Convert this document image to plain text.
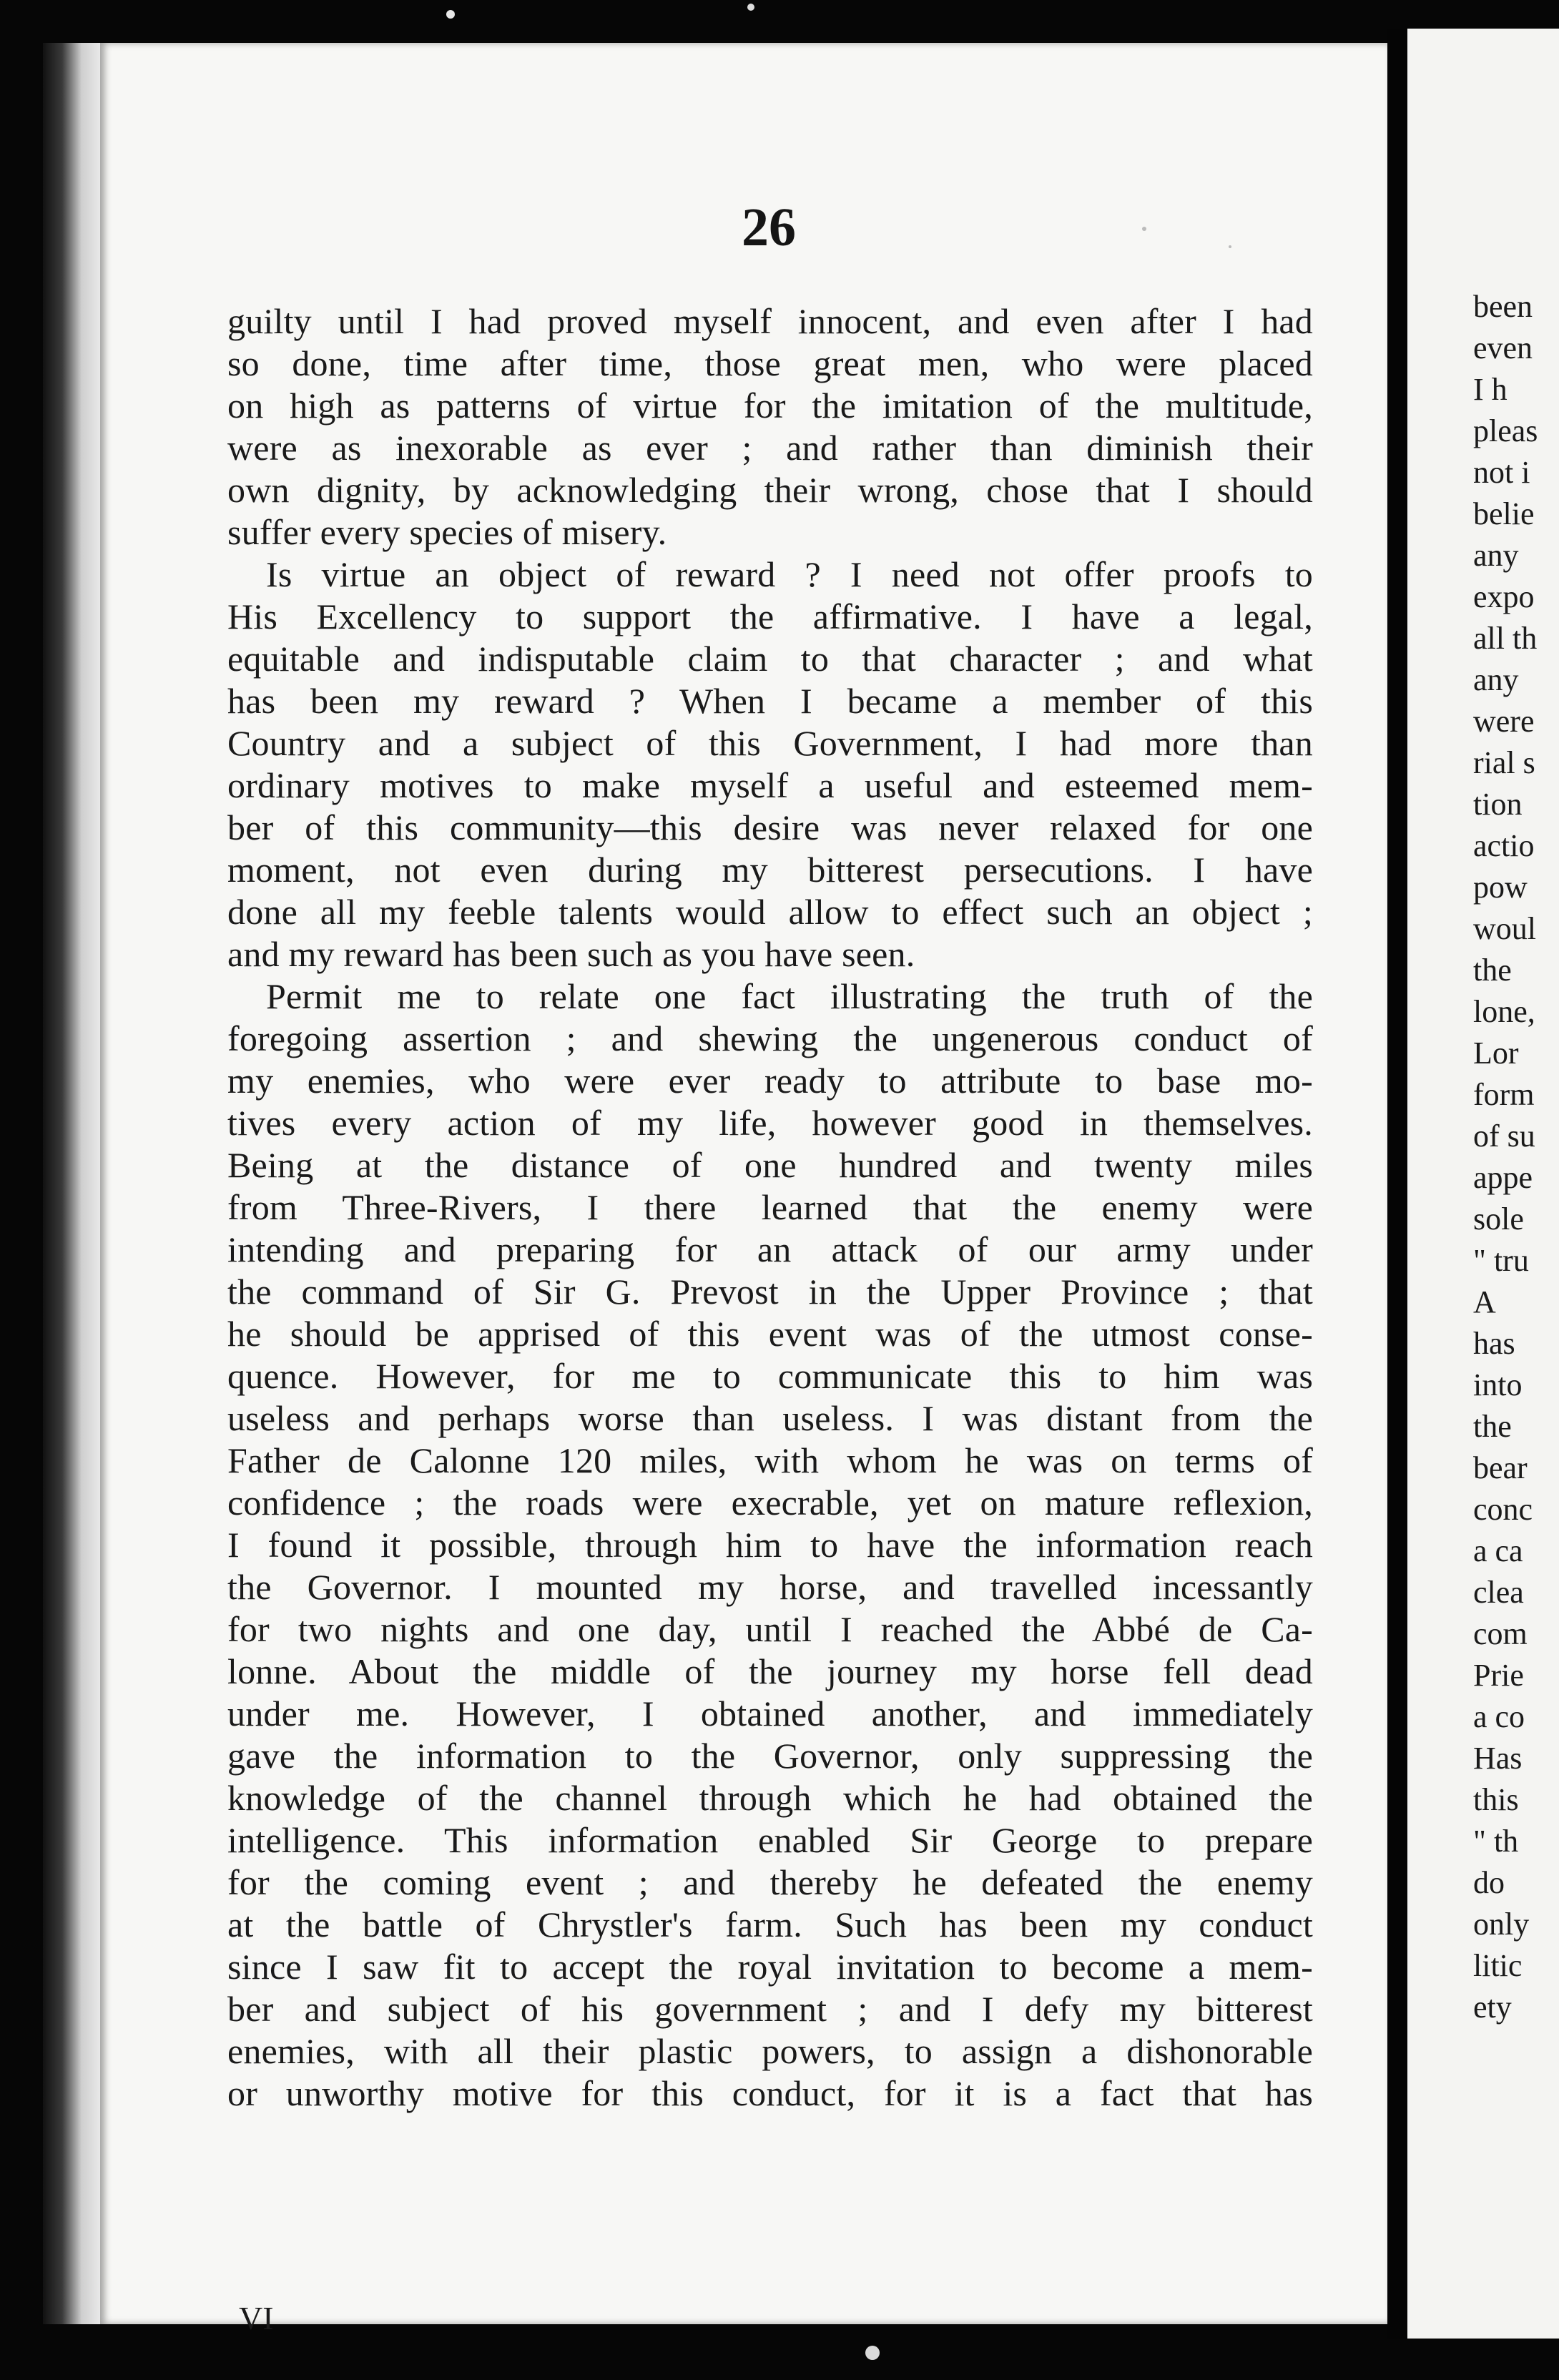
26
guilty until I had proved myself innocent, and even after I had
so done, time after time, those great men, who were placed
on high as patterns of virtue for the imitation of the multitude,
were as inexorable as ever ; and rather than diminish their
own dignity, by acknowledging their wrong, chose that I should
suffer every species of misery.
Is virtue an object of reward ? I need not offer proofs to
His Excellency to support the affirmative. I have a legal,
equitable and indisputable claim to that character ; and what
has been my reward ? When I became a member of this
Country and a subject of this Government, I had more than
ordinary motives to make myself a useful and esteemed mem-
ber of this community—this desire was never relaxed for one
moment, not even during my bitterest persecutions. I have
done all my feeble talents would allow to effect such an object ;
and my reward has been such as you have seen.
Permit me to relate one fact illustrating the truth of the
foregoing assertion ; and shewing the ungenerous conduct of
my enemies, who were ever ready to attribute to base mo-
tives every action of my life, however good in themselves.
Being at the distance of one hundred and twenty miles
from Three-Rivers, I there learned that the enemy were
intending and preparing for an attack of our army under
the command of Sir G. Prevost in the Upper Province ; that
he should be apprised of this event was of the utmost conse-
quence. However, for me to communicate this to him was
useless and perhaps worse than useless. I was distant from the
Father de Calonne 120 miles, with whom he was on terms of
confidence ; the roads were execrable, yet on mature reflexion,
I found it possible, through him to have the information reach
the Governor. I mounted my horse, and travelled incessantly
for two nights and one day, until I reached the Abbé de Ca-
lonne. About the middle of the journey my horse fell dead
under me. However, I obtained another, and immediately
gave the information to the Governor, only suppressing the
knowledge of the channel through which he had obtained the
intelligence. This information enabled Sir George to prepare
for the coming event ; and thereby he defeated the enemy
at the battle of Chrystler's farm. Such has been my conduct
since I saw fit to accept the royal invitation to become a mem-
ber and subject of his government ; and I defy my bitterest
enemies, with all their plastic powers, to assign a dishonorable
or unworthy motive for this conduct, for it is a fact that has
VI
been
even
I h
pleas
not i
belie
any
expo
all th
any
were
rial s
tion
actio
pow
woul
the
lone,
Lor
form
of su
appe
sole
" tru
A
has
into
the
bear
conc
a ca
clea
com
Prie
a co
Has
this
" th
do
only
litic
ety
